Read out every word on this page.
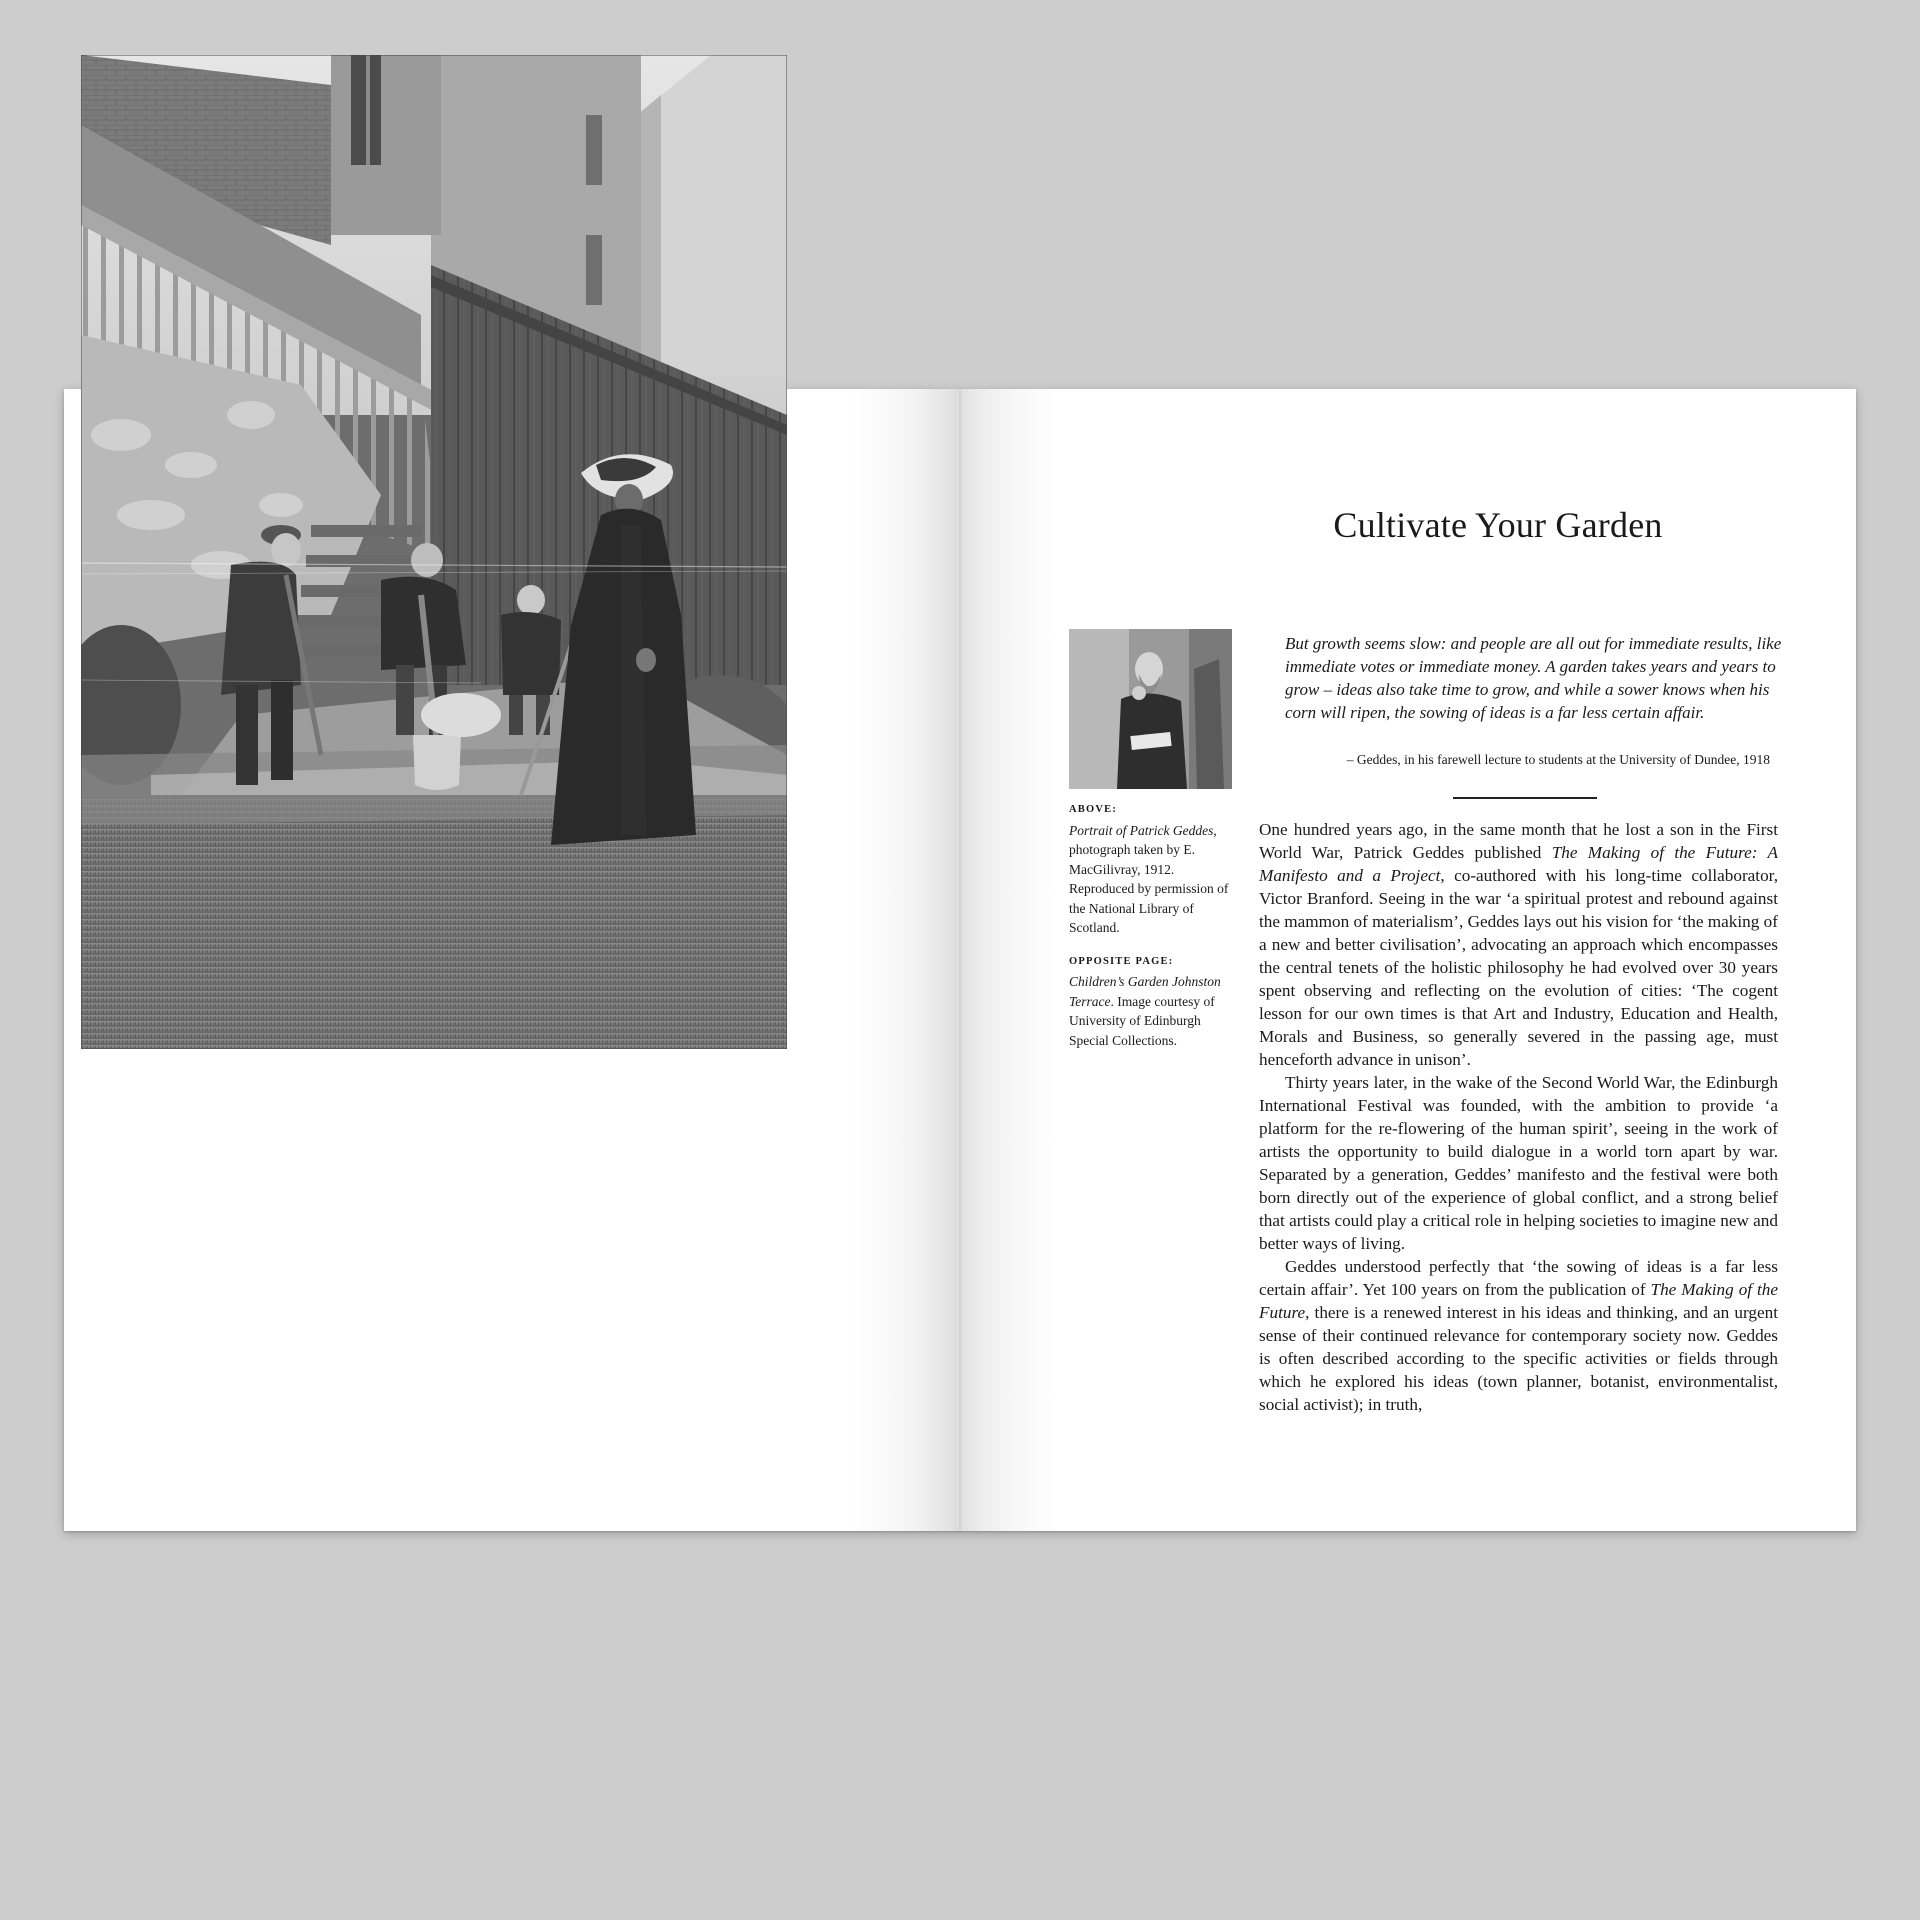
Cultivate Your Garden
ABOVE:

Portrait of Patrick Geddes, photograph taken by E. MacGilivray, 1912. Reproduced by permission of the National Library of Scotland.

OPPOSITE PAGE:

Children’s Garden Johnston Terrace. Image courtesy of University of Edinburgh Special Collections.

But growth seems slow: and people are all out for immediate results, like immediate votes or immediate money. A garden takes years and years to grow – ideas also take time to grow, and while a sower knows when his corn will ripen, the sowing of ideas is a far less certain affair.

– Geddes, in his farewell lecture to students at the University of Dundee, 1918

One hundred years ago, in the same month that he lost a son in the First World War, Patrick Geddes published The Making of the Future: A Manifesto and a Project, co-authored with his long-time collaborator, Victor Branford. Seeing in the war ‘a spiritual protest and rebound against the mammon of materialism’, Geddes lays out his vision for ‘the making of a new and better civilisation’, advocating an approach which encompasses the central tenets of the holistic philosophy he had evolved over 30 years spent observing and reflecting on the evolution of cities: ‘The cogent lesson for our own times is that Art and Industry, Education and Health, Morals and Business, so generally severed in the passing age, must henceforth advance in unison’.

Thirty years later, in the wake of the Second World War, the Edinburgh International Festival was founded, with the ambition to provide ‘a platform for the re-flowering of the human spirit’, seeing in the work of artists the opportunity to build dialogue in a world torn apart by war. Separated by a generation, Geddes’ manifesto and the festival were both born directly out of the experience of global conflict, and a strong belief that artists could play a critical role in helping societies to imagine new and better ways of living.

Geddes understood perfectly that ‘the sowing of ideas is a far less certain affair’. Yet 100 years on from the publication of The Making of the Future, there is a renewed interest in his ideas and thinking, and an urgent sense of their continued relevance for contemporary society now. Geddes is often described according to the specific activities or fields through which he explored his ideas (town planner, botanist, environmentalist, social activist); in truth,
